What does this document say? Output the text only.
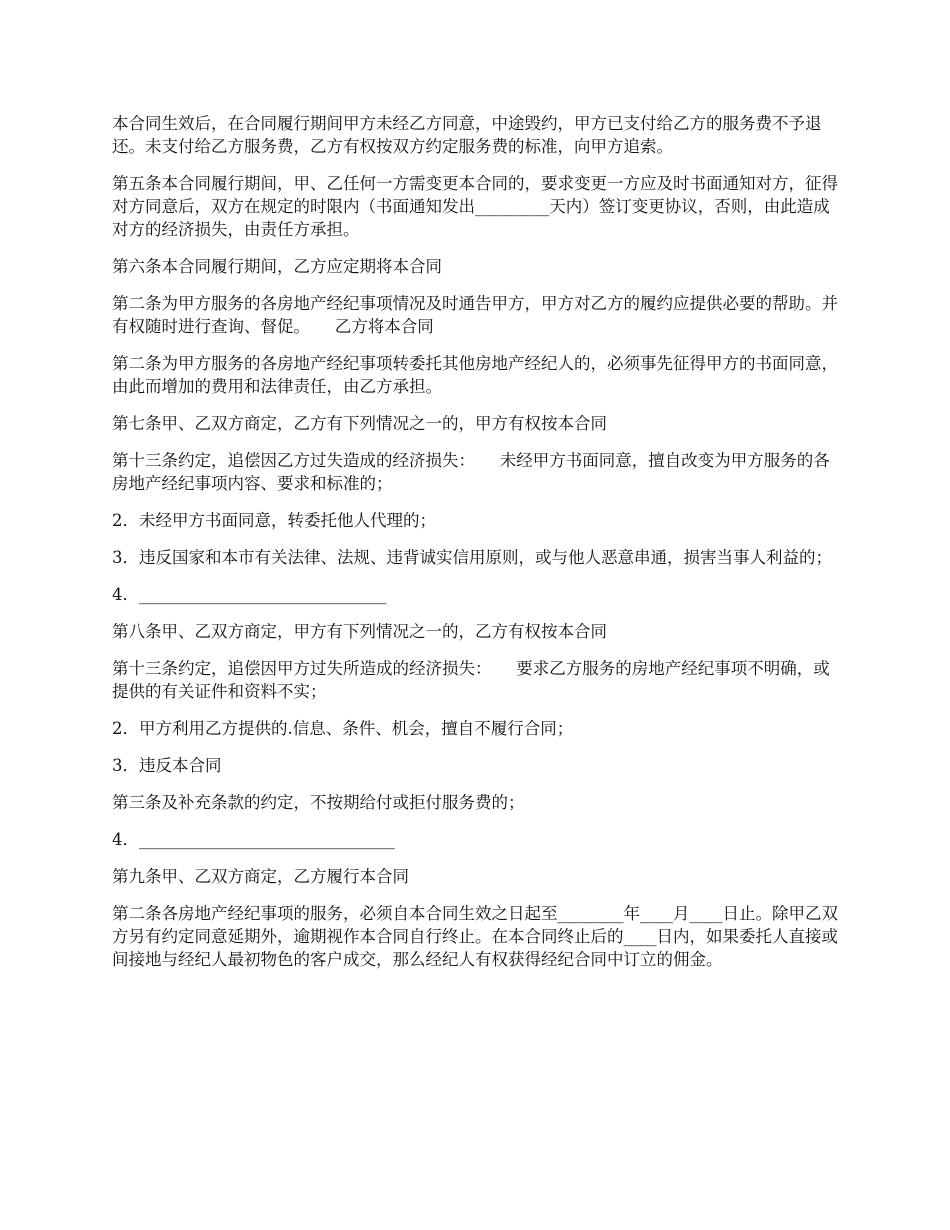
本合同生效后，在合同履行期间甲方未经乙方同意，中途毁约，甲方已支付给乙方的服务费不予退还。未支付给乙方服务费，乙方有权按双方约定服务费的标准，向甲方追索。

第五条本合同履行期间，甲、乙任何一方需变更本合同的，要求变更一方应及时书面通知对方，征得对方同意后，双方在规定的时限内（书面通知发出_________天内）签订变更协议，否则，由此造成对方的经济损失，由责任方承担。

第六条本合同履行期间，乙方应定期将本合同

第二条为甲方服务的各房地产经纪事项情况及时通告甲方，甲方对乙方的履约应提供必要的帮助。并有权随时进行查询、督促。　　乙方将本合同

第二条为甲方服务的各房地产经纪事项转委托其他房地产经纪人的，必须事先征得甲方的书面同意，由此而增加的费用和法律责任，由乙方承担。

第七条甲、乙双方商定，乙方有下列情况之一的，甲方有权按本合同

第十三条约定，追偿因乙方过失造成的经济损失：　　未经甲方书面同意，擅自改变为甲方服务的各房地产经纪事项内容、要求和标准的；

2．未经甲方书面同意，转委托他人代理的；

3．违反国家和本市有关法律、法规、违背诚实信用原则，或与他人恶意串通，损害当事人利益的；

4．______________________________

第八条甲、乙双方商定，甲方有下列情况之一的，乙方有权按本合同

第十三条约定，追偿因甲方过失所造成的经济损失：　　要求乙方服务的房地产经纪事项不明确，或提供的有关证件和资料不实；

2．甲方利用乙方提供的.信息、条件、机会，擅自不履行合同；

3．违反本合同

第三条及补充条款的约定，不按期给付或拒付服务费的；

4．_______________________________

第九条甲、乙双方商定，乙方履行本合同

第二条各房地产经纪事项的服务，必须自本合同生效之日起至________年____月____日止。除甲乙双方另有约定同意延期外，逾期视作本合同自行终止。在本合同终止后的____日内，如果委托人直接或间接地与经纪人最初物色的客户成交，那么经纪人有权获得经纪合同中订立的佣金。
